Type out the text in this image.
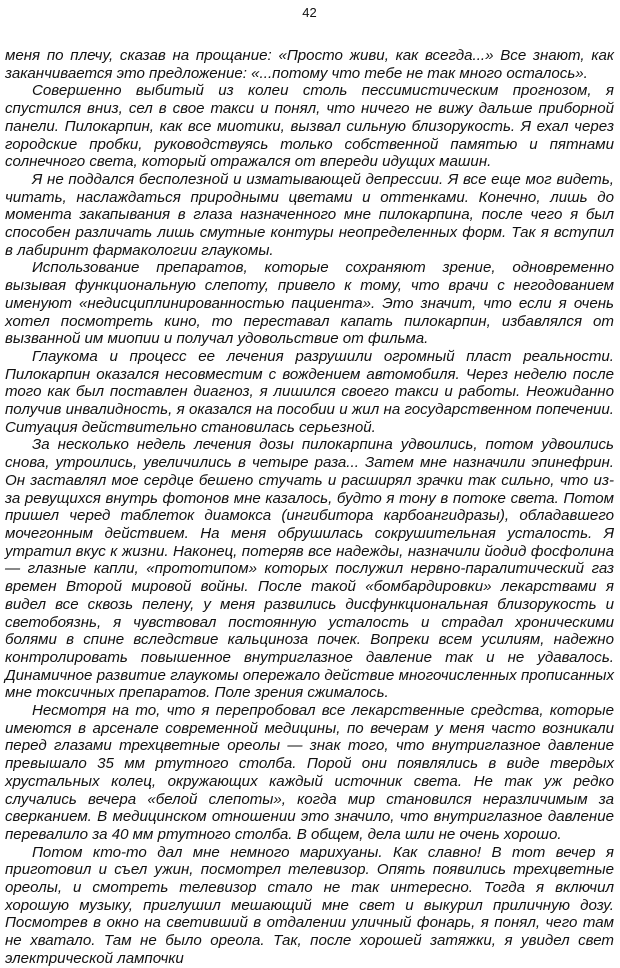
42

меня по плечу, сказав на прощание: «Просто живи, как всегда...» Все знают, как заканчивается это предложение: «...потому что тебе не так много осталось».

Совершенно выбитый из колеи столь пессимистическим прогнозом, я спустился вниз, сел в свое такси и понял, что ничего не вижу дальше приборной панели. Пилокарпин, как все миотики, вызвал сильную близорукость. Я ехал через городские пробки, руководствуясь только собственной памятью и пятнами солнечного света, который отражался от впереди идущих машин.

Я не поддался бесполезной и изматывающей депрессии. Я все еще мог видеть, читать, наслаждаться природными цветами и оттенками. Конечно, лишь до момента закапывания в глаза назначенного мне пилокарпина, после чего я был способен различать лишь смутные контуры неопределенных форм. Так я вступил в лабиринт фармакологии глаукомы.

Использование препаратов, которые сохраняют зрение, одновременно вызывая функциональную слепоту, привело к тому, что врачи с негодованием именуют «недисциплинированностью пациента». Это значит, что если я очень хотел посмотреть кино, то переставал капать пилокарпин, избавлялся от вызванной им миопии и получал удовольствие от фильма.

Глаукома и процесс ее лечения разрушили огромный пласт реальности. Пилокарпин оказался несовместим с вождением автомобиля. Через неделю после того как был поставлен диагноз, я лишился своего такси и работы. Неожиданно получив инвалидность, я оказался на пособии и жил на государственном попечении. Ситуация действительно становилась серьезной.

За несколько недель лечения дозы пилокарпина удвоились, потом удвоились снова, утроились, увеличились в четыре раза... Затем мне назначили эпинефрин. Он заставлял мое сердце бешено стучать и расширял зрачки так сильно, что из-за ревущихся внутрь фотонов мне казалось, будто я тону в потоке света. Потом пришел черед таблеток диамокса (ингибитора карбоангидразы), обладавшего мочегонным действием. На меня обрушилась сокрушительная усталость. Я утратил вкус к жизни. Наконец, потеряв все надежды, назначили йодид фосфолина — глазные капли, «прототипом» которых послужил нервно-паралитический газ времен Второй мировой войны. После такой «бомбардировки» лекарствами я видел все сквозь пелену, у меня развились дисфункциональная близорукость и светобоязнь, я чувствовал постоянную усталость и страдал хроническими болями в спине вследствие кальциноза почек. Вопреки всем усилиям, надежно контролировать повышенное внутриглазное давление так и не удавалось. Динамичное развитие глаукомы опережало действие многочисленных прописанных мне токсичных препаратов. Поле зрения сжималось.

Несмотря на то, что я перепробовал все лекарственные средства, которые имеются в арсенале современной медицины, по вечерам у меня часто возникали перед глазами трехцветные ореолы — знак того, что внутриглазное давление превышало 35 мм ртутного столба. Порой они появлялись в виде твердых хрустальных колец, окружающих каждый источник света. Не так уж редко случались вечера «белой слепоты», когда мир становился неразличимым за сверканием. В медицинском отношении это значило, что внутриглазное давление перевалило за 40 мм ртутного столба. В общем, дела шли не очень хорошо.

Потом кто-то дал мне немного марихуаны. Как славно! В тот вечер я приготовил и съел ужин, посмотрел телевизор. Опять появились трехцветные ореолы, и смотреть телевизор стало не так интересно. Тогда я включил хорошую музыку, приглушил мешающий мне свет и выкурил приличную дозу. Посмотрев в окно на светивший в отдалении уличный фонарь, я понял, чего там не хватало. Там не было ореола. Так, после хорошей затяжки, я увидел свет электрической лампочки
